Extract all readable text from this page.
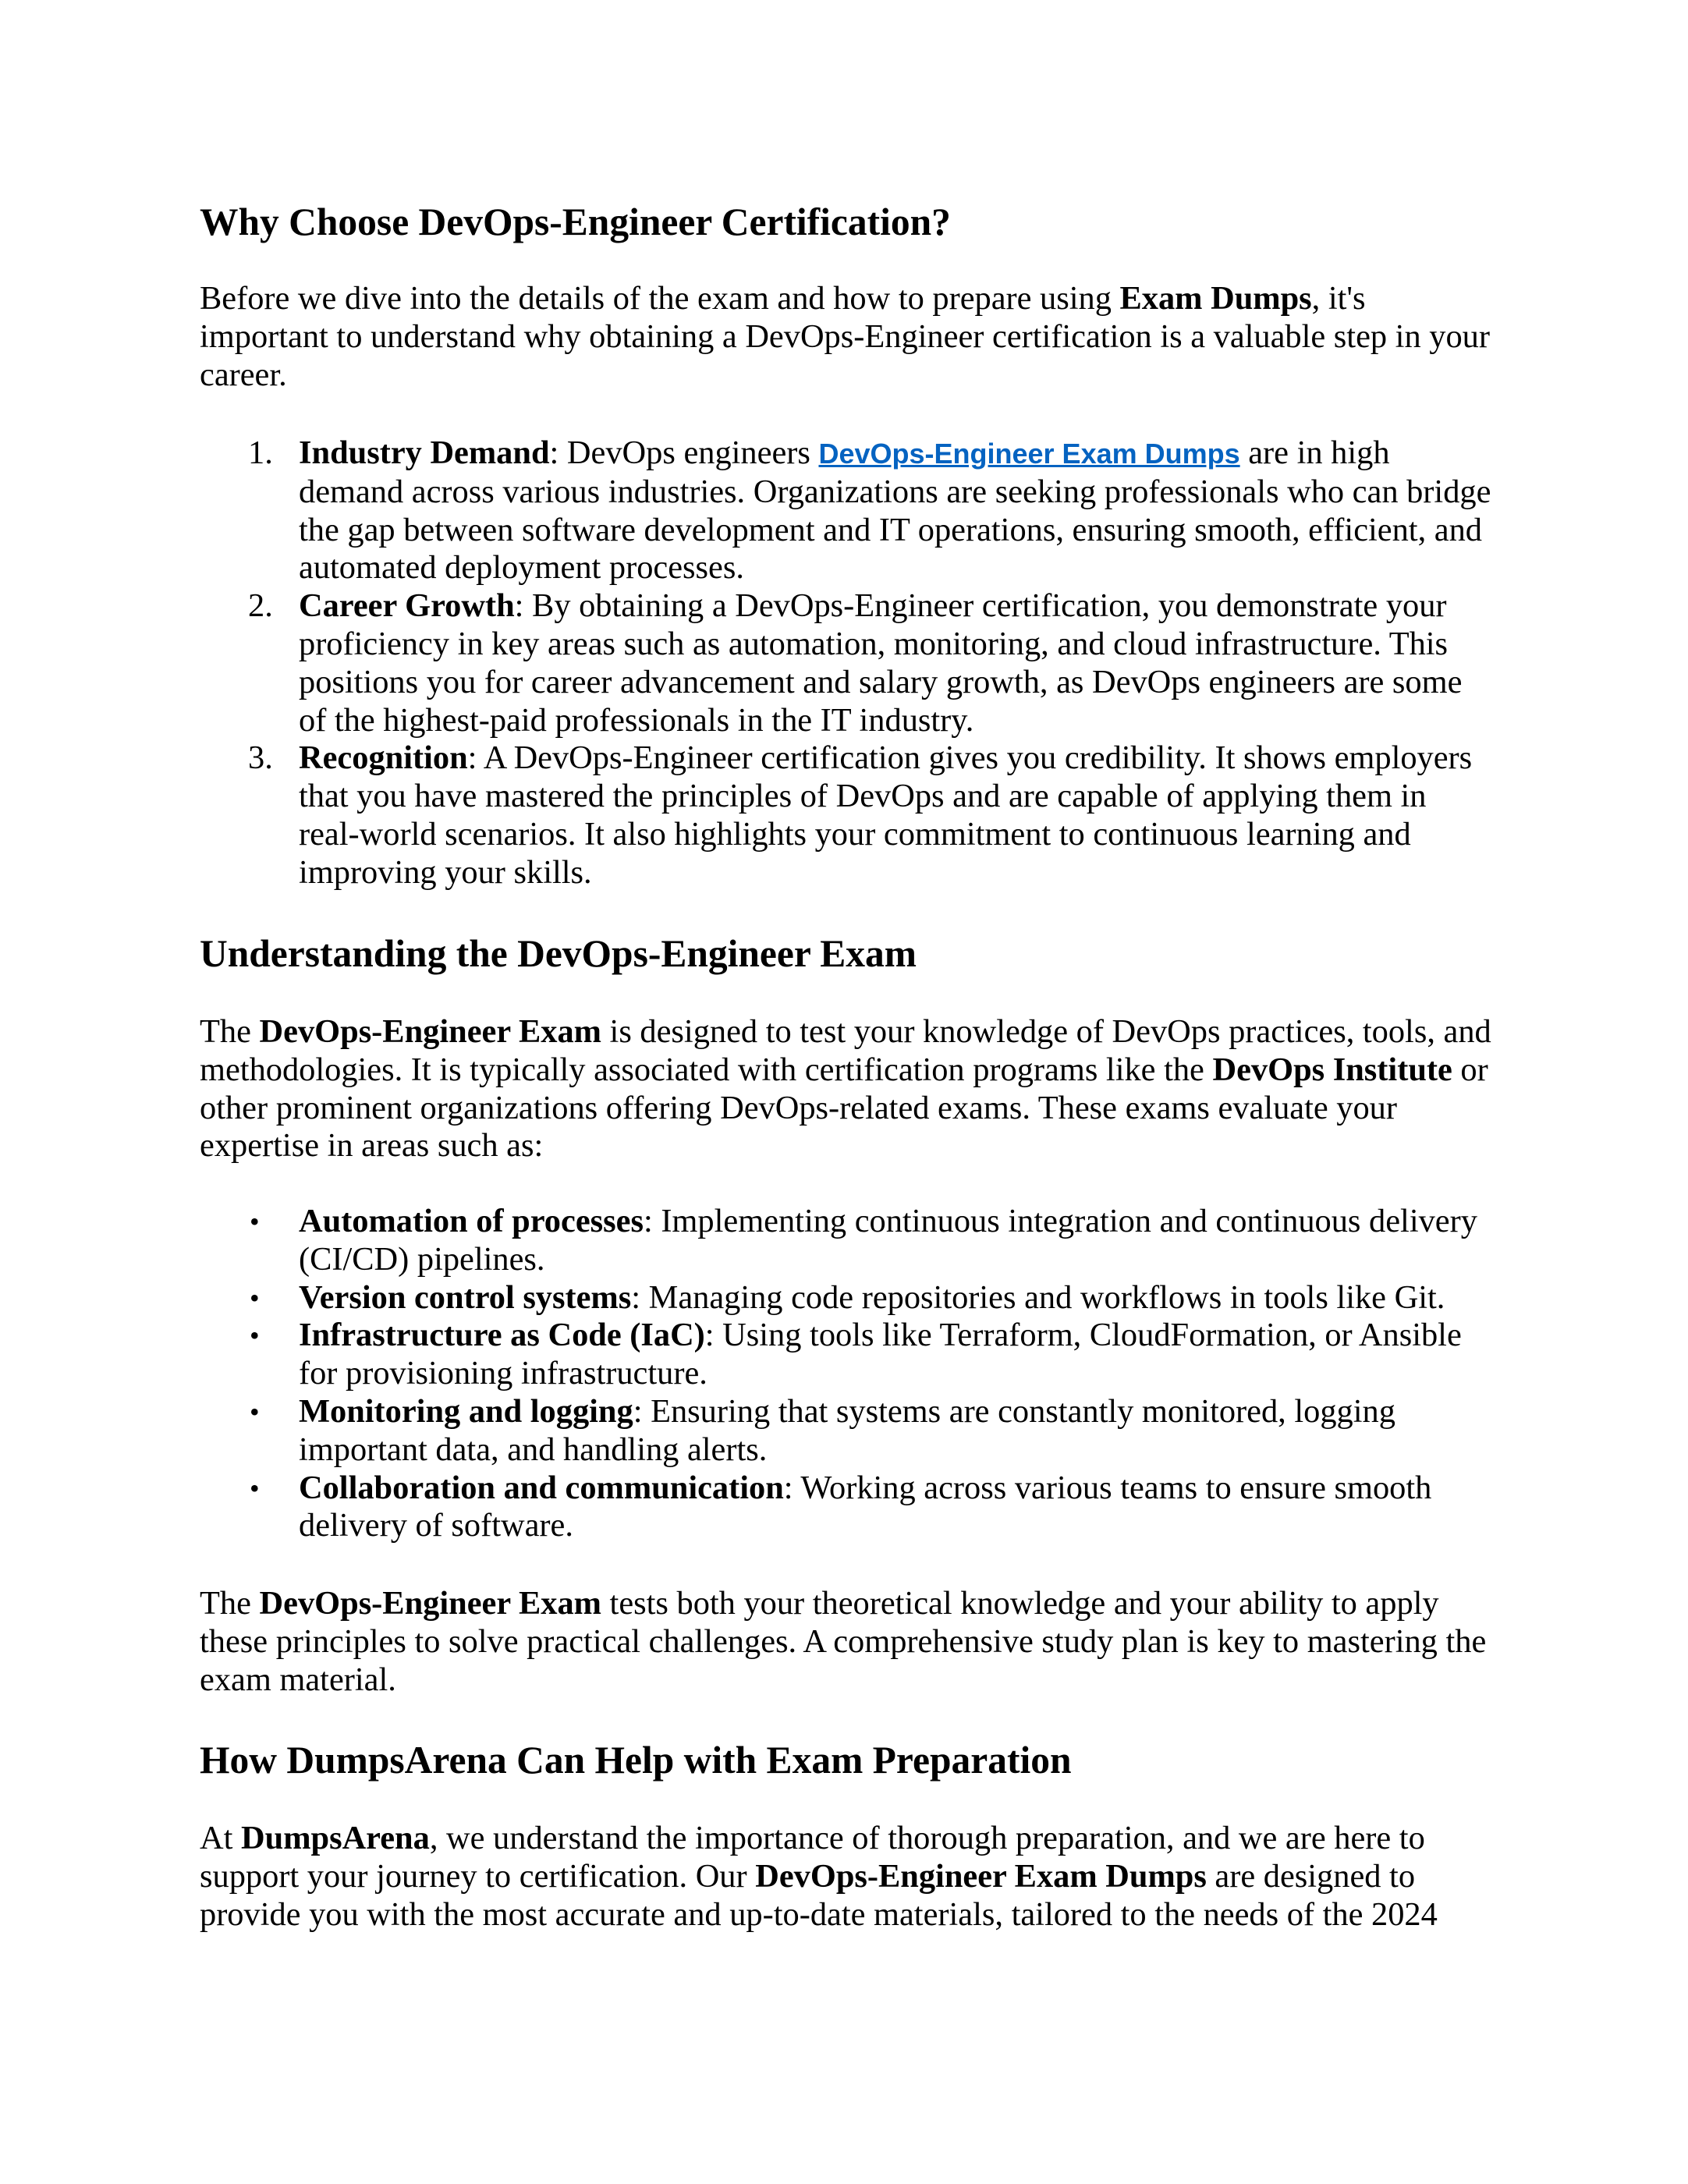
Why Choose DevOps-Engineer Certification?

Before we dive into the details of the exam and how to prepare using Exam Dumps, it's important to understand why obtaining a DevOps-Engineer certification is a valuable step in your career.

1. Industry Demand: DevOps engineers DevOps-Engineer Exam Dumps are in high demand across various industries. Organizations are seeking professionals who can bridge the gap between software development and IT operations, ensuring smooth, efficient, and automated deployment processes.
2. Career Growth: By obtaining a DevOps-Engineer certification, you demonstrate your proficiency in key areas such as automation, monitoring, and cloud infrastructure. This positions you for career advancement and salary growth, as DevOps engineers are some of the highest-paid professionals in the IT industry.
3. Recognition: A DevOps-Engineer certification gives you credibility. It shows employers that you have mastered the principles of DevOps and are capable of applying them in real-world scenarios. It also highlights your commitment to continuous learning and improving your skills.
Understanding the DevOps-Engineer Exam

The DevOps-Engineer Exam is designed to test your knowledge of DevOps practices, tools, and methodologies. It is typically associated with certification programs like the DevOps Institute or other prominent organizations offering DevOps-related exams. These exams evaluate your expertise in areas such as:

• Automation of processes: Implementing continuous integration and continuous delivery (CI/CD) pipelines.
• Version control systems: Managing code repositories and workflows in tools like Git.
• Infrastructure as Code (IaC): Using tools like Terraform, CloudFormation, or Ansible for provisioning infrastructure.
• Monitoring and logging: Ensuring that systems are constantly monitored, logging important data, and handling alerts.
• Collaboration and communication: Working across various teams to ensure smooth delivery of software.

The DevOps-Engineer Exam tests both your theoretical knowledge and your ability to apply these principles to solve practical challenges. A comprehensive study plan is key to mastering the exam material.

How DumpsArena Can Help with Exam Preparation

At DumpsArena, we understand the importance of thorough preparation, and we are here to support your journey to certification. Our DevOps-Engineer Exam Dumps are designed to provide you with the most accurate and up-to-date materials, tailored to the needs of the 2024
